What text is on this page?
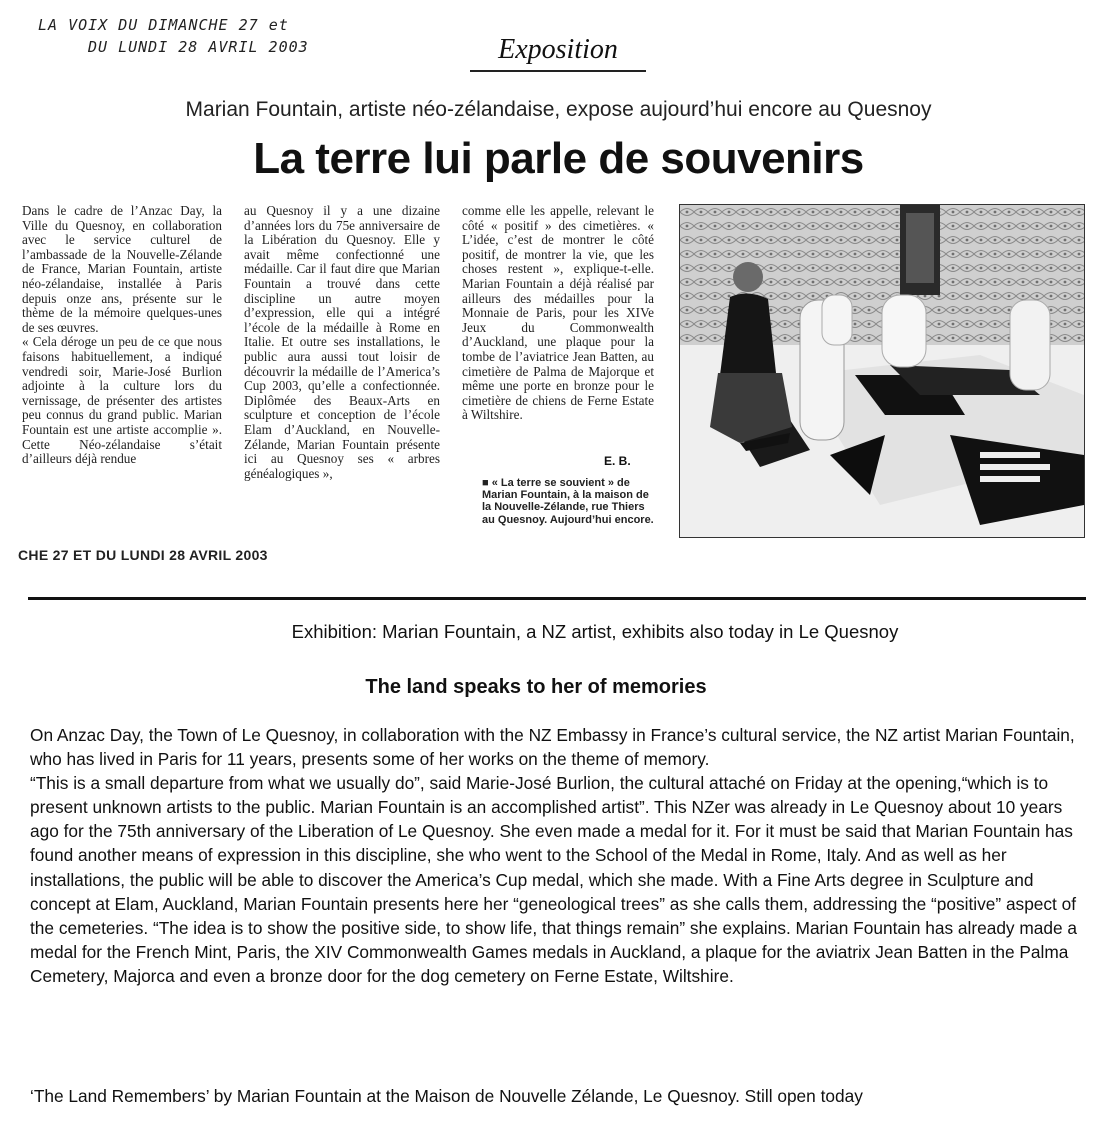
LA VOIX DU DIMANCHE 27 et
DU LUNDI 28 AVRIL 2003	Exposition
Marian Fountain, artiste néo-zélandaise, expose aujourd’hui encore au Quesnoy
La terre lui parle de souvenirs
Dans le cadre de l’Anzac Day, la Ville du Quesnoy, en collaboration avec le service culturel de l’ambassade de la Nouvelle-Zélande de France, Marian Fountain, artiste néo-zélandaise, installée à Paris depuis onze ans, présente sur le thème de la mémoire quelques-unes de ses œuvres.
« Cela déroge un peu de ce que nous faisons habituellement, a indiqué vendredi soir, Marie-José Burlion adjointe à la culture lors du vernissage, de présenter des artistes peu connus du grand public. Marian Fountain est une artiste accomplie ». Cette Néo-zélandaise s’était d’ailleurs déjà rendue
au Quesnoy il y a une dizaine d’années lors du 75e anniversaire de la Libération du Quesnoy. Elle y avait même confectionné une médaille. Car il faut dire que Marian Fountain a trouvé dans cette discipline un autre moyen d’expression, elle qui a intégré l’école de la médaille à Rome en Italie. Et outre ses installations, le public aura aussi tout loisir de découvrir la médaille de l’America’s Cup 2003, qu’elle a confectionnée. Diplômée des Beaux-Arts en sculpture et conception de l’école Elam d’Auckland, en Nouvelle-Zélande, Marian Fountain présente ici au Quesnoy ses « arbres généalogiques »,
comme elle les appelle, relevant le côté « positif » des cimetières. « L’idée, c’est de montrer le côté positif, de montrer la vie, que les choses restent », explique-t-elle. Marian Fountain a déjà réalisé par ailleurs des médailles pour la Monnaie de Paris, pour les XIVe Jeux du Commonwealth d’Auckland, une plaque pour la tombe de l’aviatrice Jean Batten, au cimetière de Palma de Majorque et même une porte en bronze pour le cimetière de chiens de Ferne Estate à Wiltshire.
E. B.
■ « La terre se souvient » de Marian Fountain, à la maison de la Nouvelle-Zélande, rue Thiers au Quesnoy. Aujourd’hui encore.
CHE 27 ET DU LUNDI 28 AVRIL 2003
Exhibition: Marian Fountain, a NZ artist, exhibits also today in Le Quesnoy
The land speaks to her of memories

On Anzac Day, the Town of Le Quesnoy, in collaboration with the NZ Embassy in France’s cultural service, the NZ artist Marian Fountain, who has lived in Paris for 11 years, presents some of her works on the theme of memory.

“This is a small departure from what we usually do”, said Marie-José Burlion, the cultural attaché on Friday at the opening,“which is to present unknown artists to the public. Marian Fountain is an accomplished artist”. This NZer was already in Le Quesnoy about 10 years ago for the 75th anniversary of the Liberation of Le Quesnoy. She even made a medal for it. For it must be said that Marian Fountain has found another means of expression in this discipline, she who went to the School of the Medal in Rome, Italy. And as well as her installations, the public will be able to discover the America’s Cup medal, which she made. With a Fine Arts degree in Sculpture and concept at Elam, Auckland, Marian Fountain presents here her “geneological trees” as she calls them, addressing the “positive” aspect of the cemeteries. “The idea is to show the positive side, to show life, that things remain” she explains. Marian Fountain has already made a medal for the French Mint, Paris, the XIV Commonwealth Games medals in Auckland, a plaque for the aviatrix Jean Batten in the Palma Cemetery, Majorca and even a bronze door for the dog cemetery on Ferne Estate, Wiltshire.

‘The Land Remembers’ by Marian Fountain at the Maison de Nouvelle Zélande, Le Quesnoy. Still open today
